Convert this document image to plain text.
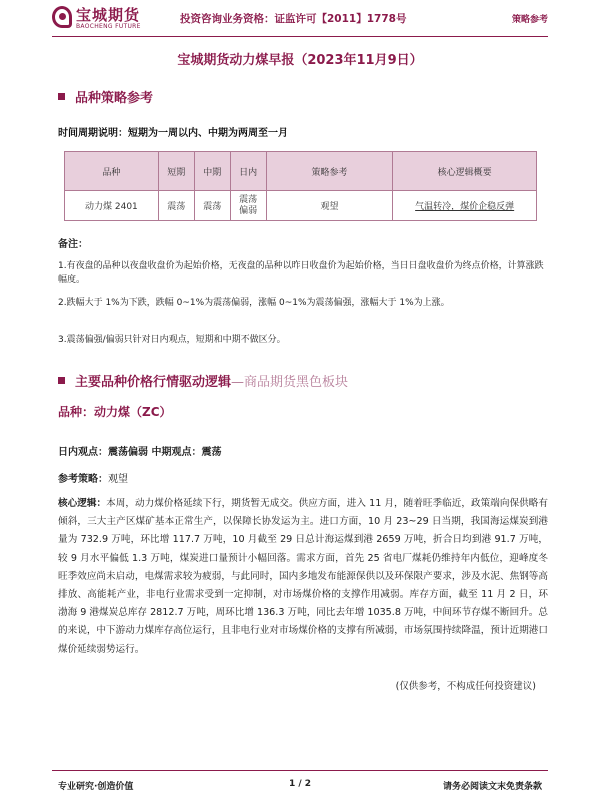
宝城期货
BAOCHENG FUTURE
投资咨询业务资格：证监许可【2011】1778号	策略参考
宝城期货动力煤早报（2023年11月9日）
品种策略参考
时间周期说明：短期为一周以内、中期为两周至一月
品种	短期	中期	日内	策略参考	核心逻辑概要
动力煤 2401	震荡	震荡	震荡偏弱	观望	气温转冷，煤价企稳反弹
备注：
1.有夜盘的品种以夜盘收盘价为起始价格，无夜盘的品种以昨日收盘价为起始价格，当日日盘收盘价为终点价格，计算涨跌幅度。
2.跌幅大于 1%为下跌，跌幅 0~1%为震荡偏弱，涨幅 0~1%为震荡偏强，涨幅大于 1%为上涨。
3.震荡偏强/偏弱只针对日内观点，短期和中期不做区分。
主要品种价格行情驱动逻辑—商品期货黑色板块
品种：动力煤（ZC）
日内观点：震荡偏弱 中期观点：震荡
参考策略：观望
核心逻辑：本周，动力煤价格延续下行，期货暂无成交。供应方面，进入 11 月，随着旺季临近，政策端向保供略有倾斜，三大主产区煤矿基本正常生产，以保障长协发运为主。进口方面，10 月 23~29 日当期，我国海运煤炭到港量为 732.9 万吨，环比增 117.7 万吨，10 月截至 29 日总计海运煤到港 2659 万吨，折合日均到港 91.7 万吨，较 9 月水平偏低 1.3 万吨，煤炭进口量预计小幅回落。需求方面，首先 25 省电厂煤耗仍维持年内低位，迎峰度冬旺季效应尚未启动，电煤需求较为疲弱，与此同时，国内多地发布能源保供以及环保限产要求，涉及水泥、焦钢等高排放、高能耗产业，非电行业需求受到一定抑制，对市场煤价格的支撑作用减弱。库存方面，截至 11 月 2 日，环渤海 9 港煤炭总库存 2812.7 万吨，周环比增 136.3 万吨，同比去年增 1035.8 万吨，中间环节存煤不断回升。总的来说，中下游动力煤库存高位运行，且非电行业对市场煤价格的支撑有所减弱，市场氛围持续降温，预计近期港口煤价延续弱势运行。
(仅供参考，不构成任何投资建议)
专业研究·创造价值	1 / 2	请务必阅读文末免责条款
